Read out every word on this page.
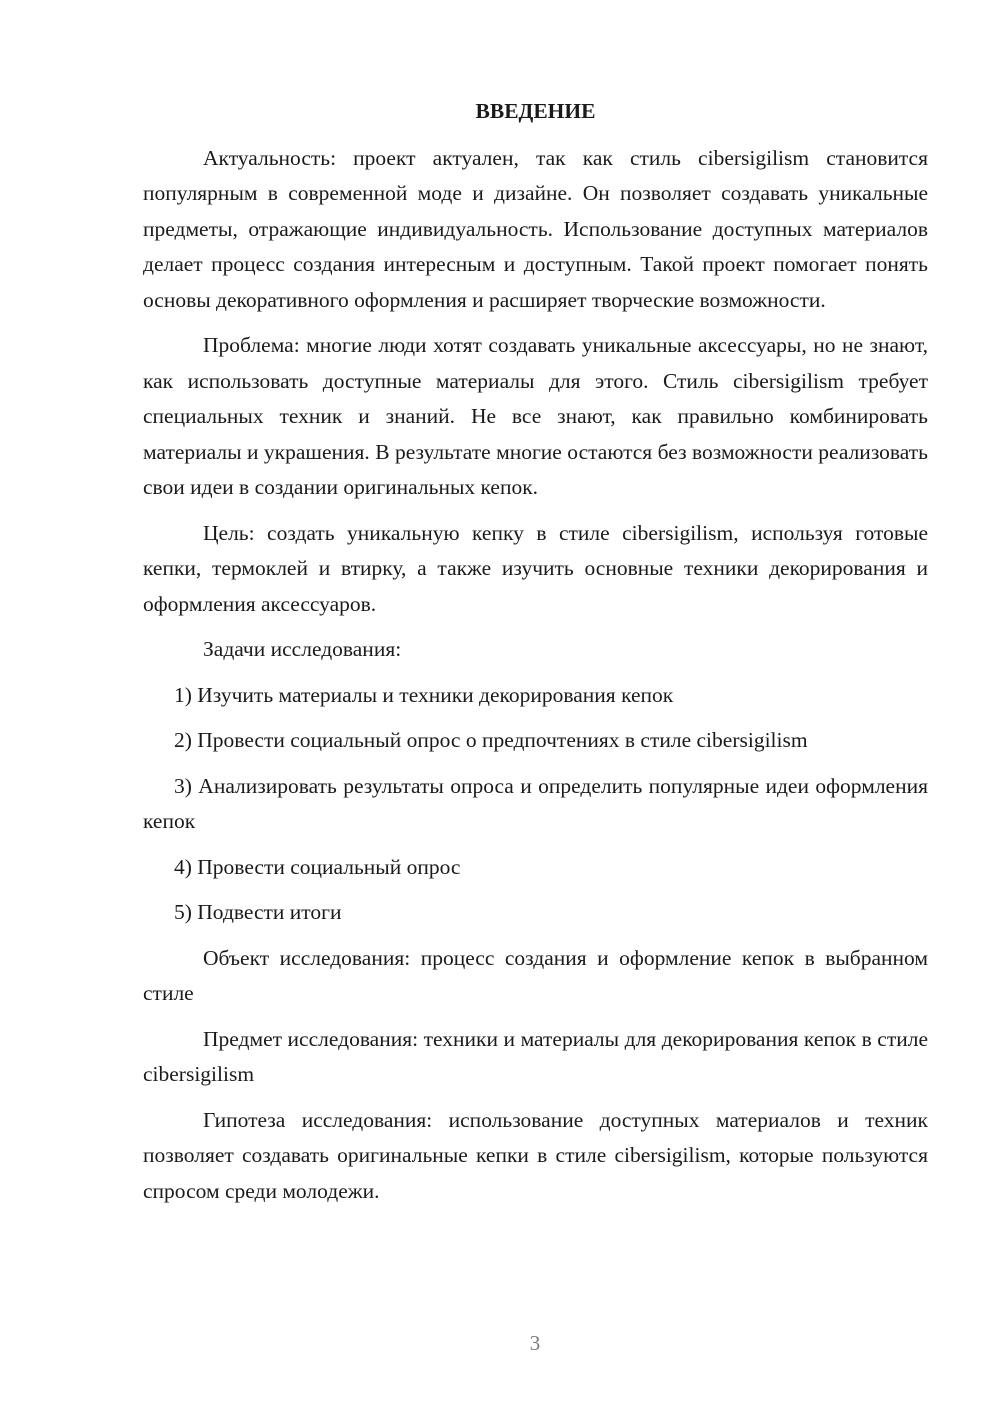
ВВЕДЕНИЕ

Актуальность: проект актуален, так как стиль cibersigilism становится популярным в современной моде и дизайне. Он позволяет создавать уникальные предметы, отражающие индивидуальность. Использование доступных материалов делает процесс создания интересным и доступным. Такой проект помогает понять основы декоративного оформления и расширяет творческие возможности.

Проблема: многие люди хотят создавать уникальные аксессуары, но не знают, как использовать доступные материалы для этого. Стиль cibersigilism требует специальных техник и знаний. Не все знают, как правильно комбинировать материалы и украшения. В результате многие остаются без возможности реализовать свои идеи в создании оригинальных кепок.

Цель: создать уникальную кепку в стиле cibersigilism, используя готовые кепки, термоклей и втирку, а также изучить основные техники декорирования и оформления аксессуаров.

Задачи исследования:

1) Изучить материалы и техники декорирования кепок

2) Провести социальный опрос о предпочтениях в стиле cibersigilism

3) Анализировать результаты опроса и определить популярные идеи оформления кепок

4) Провести социальный опрос

5) Подвести итоги

Объект исследования: процесс создания и оформление кепок в выбранном стиле

Предмет исследования: техники и материалы для декорирования кепок в стиле cibersigilism

Гипотеза исследования: использование доступных материалов и техник позволяет создавать оригинальные кепки в стиле cibersigilism, которые пользуются спросом среди молодежи.

3
